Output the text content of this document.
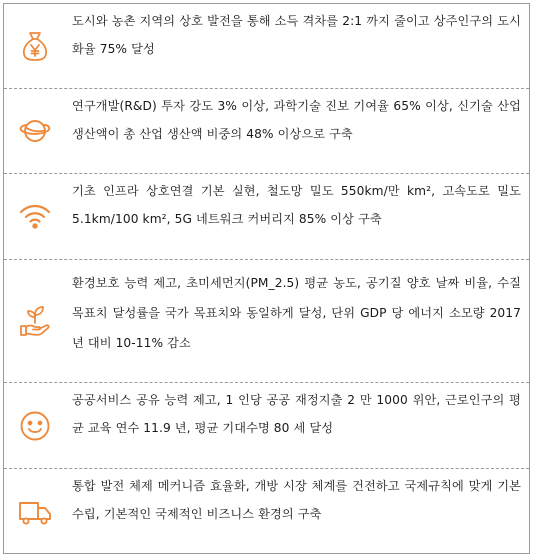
도시와 농촌 지역의 상호 발전을 통해 소득 격차를 2:1 까지 줄이고 상주인구의 도시화율 75% 달성
연구개발(R&D) 투자 강도 3% 이상, 과학기술 진보 기여율 65% 이상, 신기술 산업 생산액이 총 산업 생산액 비중의 48% 이상으로 구축
기초 인프라 상호연결 기본 실현, 철도망 밀도 550km/만 km², 고속도로 밀도 5.1km/100 km², 5G 네트워크 커버리지 85% 이상 구축
환경보호 능력 제고, 초미세먼지(PM_2.5) 평균 농도, 공기질 양호 날짜 비율, 수질 목표치 달성률을 국가 목표치와 동일하게 달성, 단위 GDP 당 에너지 소모량 2017 년 대비 10-11% 감소
공공서비스 공유 능력 제고, 1 인당 공공 재정지출 2 만 1000 위안, 근로인구의 평균 교육 연수 11.9 년, 평균 기대수명 80 세 달성
통합 발전 체제 메커니즘 효율화, 개방 시장 체계를 건전하고 국제규칙에 맞게 기본 수립, 기본적인 국제적인 비즈니스 환경의 구축
